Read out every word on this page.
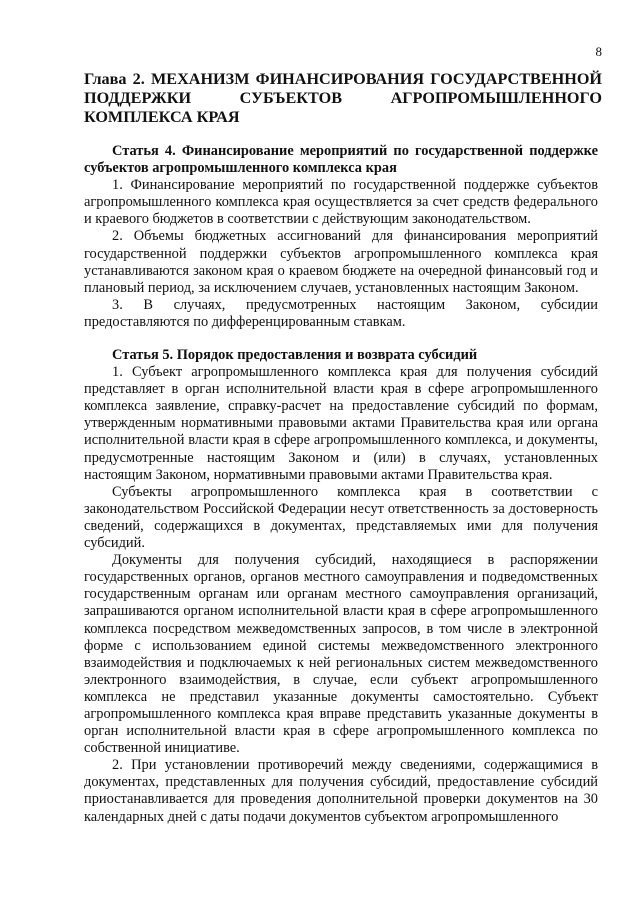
8
Глава 2. МЕХАНИЗМ ФИНАНСИРОВАНИЯ ГОСУДАРСТВЕННОЙ ПОДДЕРЖКИ СУБЪЕКТОВ АГРОПРОМЫШЛЕННОГО КОМПЛЕКСА КРАЯ
Статья 4. Финансирование мероприятий по государственной поддержке субъектов агропромышленного комплекса края

1. Финансирование мероприятий по государственной поддержке субъектов агропромышленного комплекса края осуществляется за счет средств федерального и краевого бюджетов в соответствии с действующим законодательством.

2. Объемы бюджетных ассигнований для финансирования мероприятий государственной поддержки субъектов агропромышленного комплекса края устанавливаются законом края о краевом бюджете на очередной финансовый год и плановый период, за исключением случаев, установленных настоящим Законом.

3. В случаях, предусмотренных настоящим Законом, субсидии предоставляются по дифференцированным ставкам.

Статья 5. Порядок предоставления и возврата субсидий

1. Субъект агропромышленного комплекса края для получения субсидий представляет в орган исполнительной власти края в сфере агропромышленного комплекса заявление, справку-расчет на предоставление субсидий по формам, утвержденным нормативными правовыми актами Правительства края или органа исполнительной власти края в сфере агропромышленного комплекса, и документы, предусмотренные настоящим Законом и (или) в случаях, установленных настоящим Законом, нормативными правовыми актами Правительства края.

Субъекты агропромышленного комплекса края в соответствии с законодательством Российской Федерации несут ответственность за достоверность сведений, содержащихся в документах, представляемых ими для получения субсидий.

Документы для получения субсидий, находящиеся в распоряжении государственных органов, органов местного самоуправления и подведомственных государственным органам или органам местного самоуправления организаций, запрашиваются органом исполнительной власти края в сфере агропромышленного комплекса посредством межведомственных запросов, в том числе в электронной форме с использованием единой системы межведомственного электронного взаимодействия и подключаемых к ней региональных систем межведомственного электронного взаимодействия, в случае, если субъект агропромышленного комплекса не представил указанные документы самостоятельно. Субъект агропромышленного комплекса края вправе представить указанные документы в орган исполнительной власти края в сфере агропромышленного комплекса по собственной инициативе.

2. При установлении противоречий между сведениями, содержащимися в документах, представленных для получения субсидий, предоставление субсидий приостанавливается для проведения дополнительной проверки документов на 30 календарных дней с даты подачи документов субъектом агропромышленного
